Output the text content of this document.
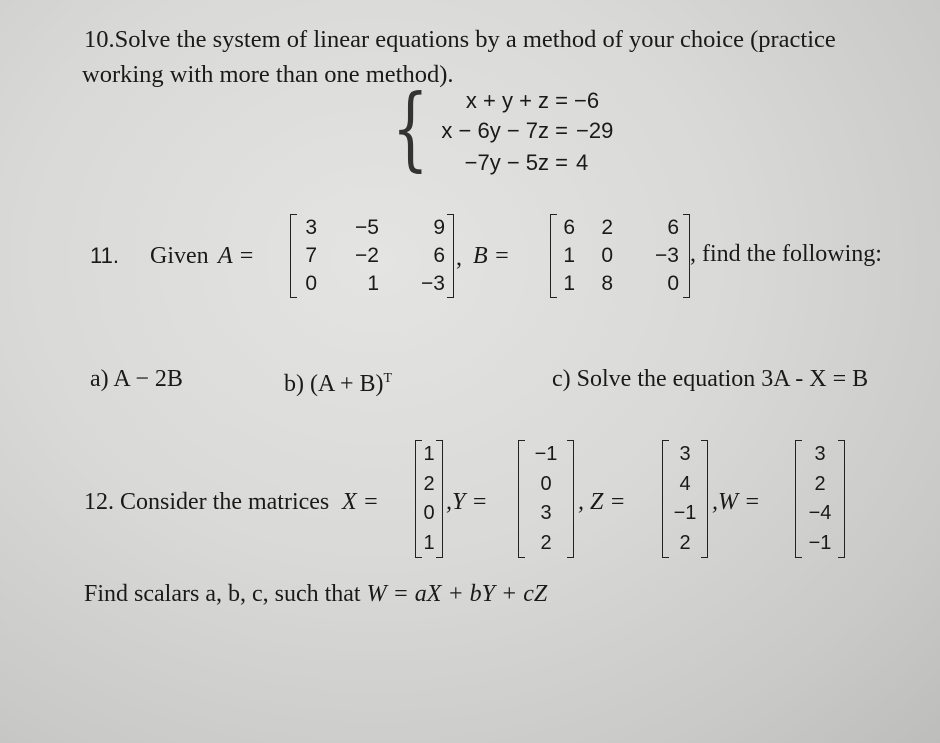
10.Solve the system of linear equations by a method of your choice (practice
working with more than one method).
{	x + y + z = −6
x − 6y − 7z = −29
−7y − 5z = 4
11. Given A =
3 −5	9
7 −2	6
0 1 −3
, B =
6 2	6
1 0 −3
1 8	0
, find the following:
a) A − 2B	b) $(A + B)^T$	c) Solve the equation 3A - X = B
12. Consider the matrices X =
1
2
0
1
,Y =
−1
0
3
2
, Z =
3
4
−1
2
,W =
3
2
−4
−1
Find scalars a, b, c, such that W = aX + bY + cZ
